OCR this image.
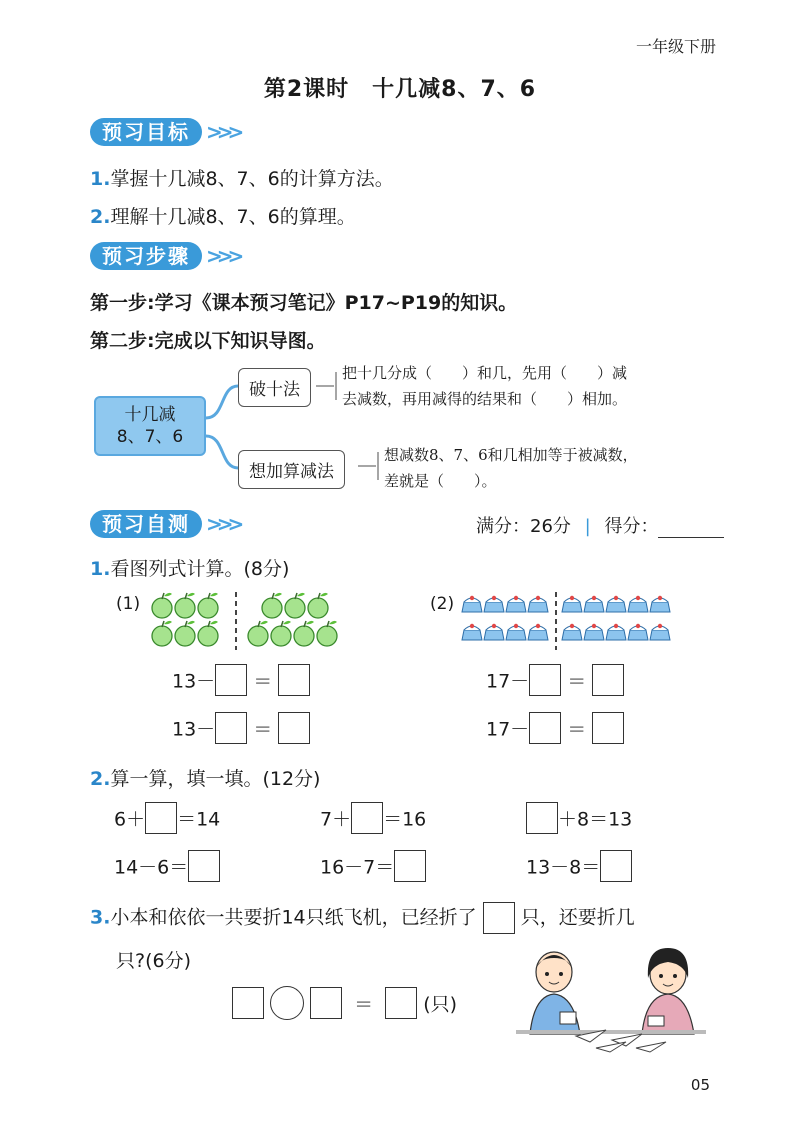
一年级下册
第2课时　十几减8、7、6
预习目标 >>>
1.掌握十几减8、7、6的计算方法。
2.理解十几减8、7、6的算理。
预习步骤 >>>
第一步:学习《课本预习笔记》P17~P19的知识。
第二步:完成以下知识导图。
十几减
8、7、6
破十法
想加算减法
把十几分成（　　）和几，先用（　　）减
去减数，再用减得的结果和（　　）相加。
想减数8、7、6和几相加等于被减数，
差就是（　　）。
预习自测 >>>	满分：26分 | 得分：
1.看图列式计算。(8分)
(1)	(2)
13－ ＝
13－ ＝
17－ ＝
17－ ＝
2.算一算，填一填。(12分)
6＋ ＝14	7＋ ＝16	＋8＝13
14－6＝	16－7＝	13－8＝
3.小本和依依一共要折14只纸飞机，已经折了 只，还要折几
只?(6分)
＝	(只)
05
